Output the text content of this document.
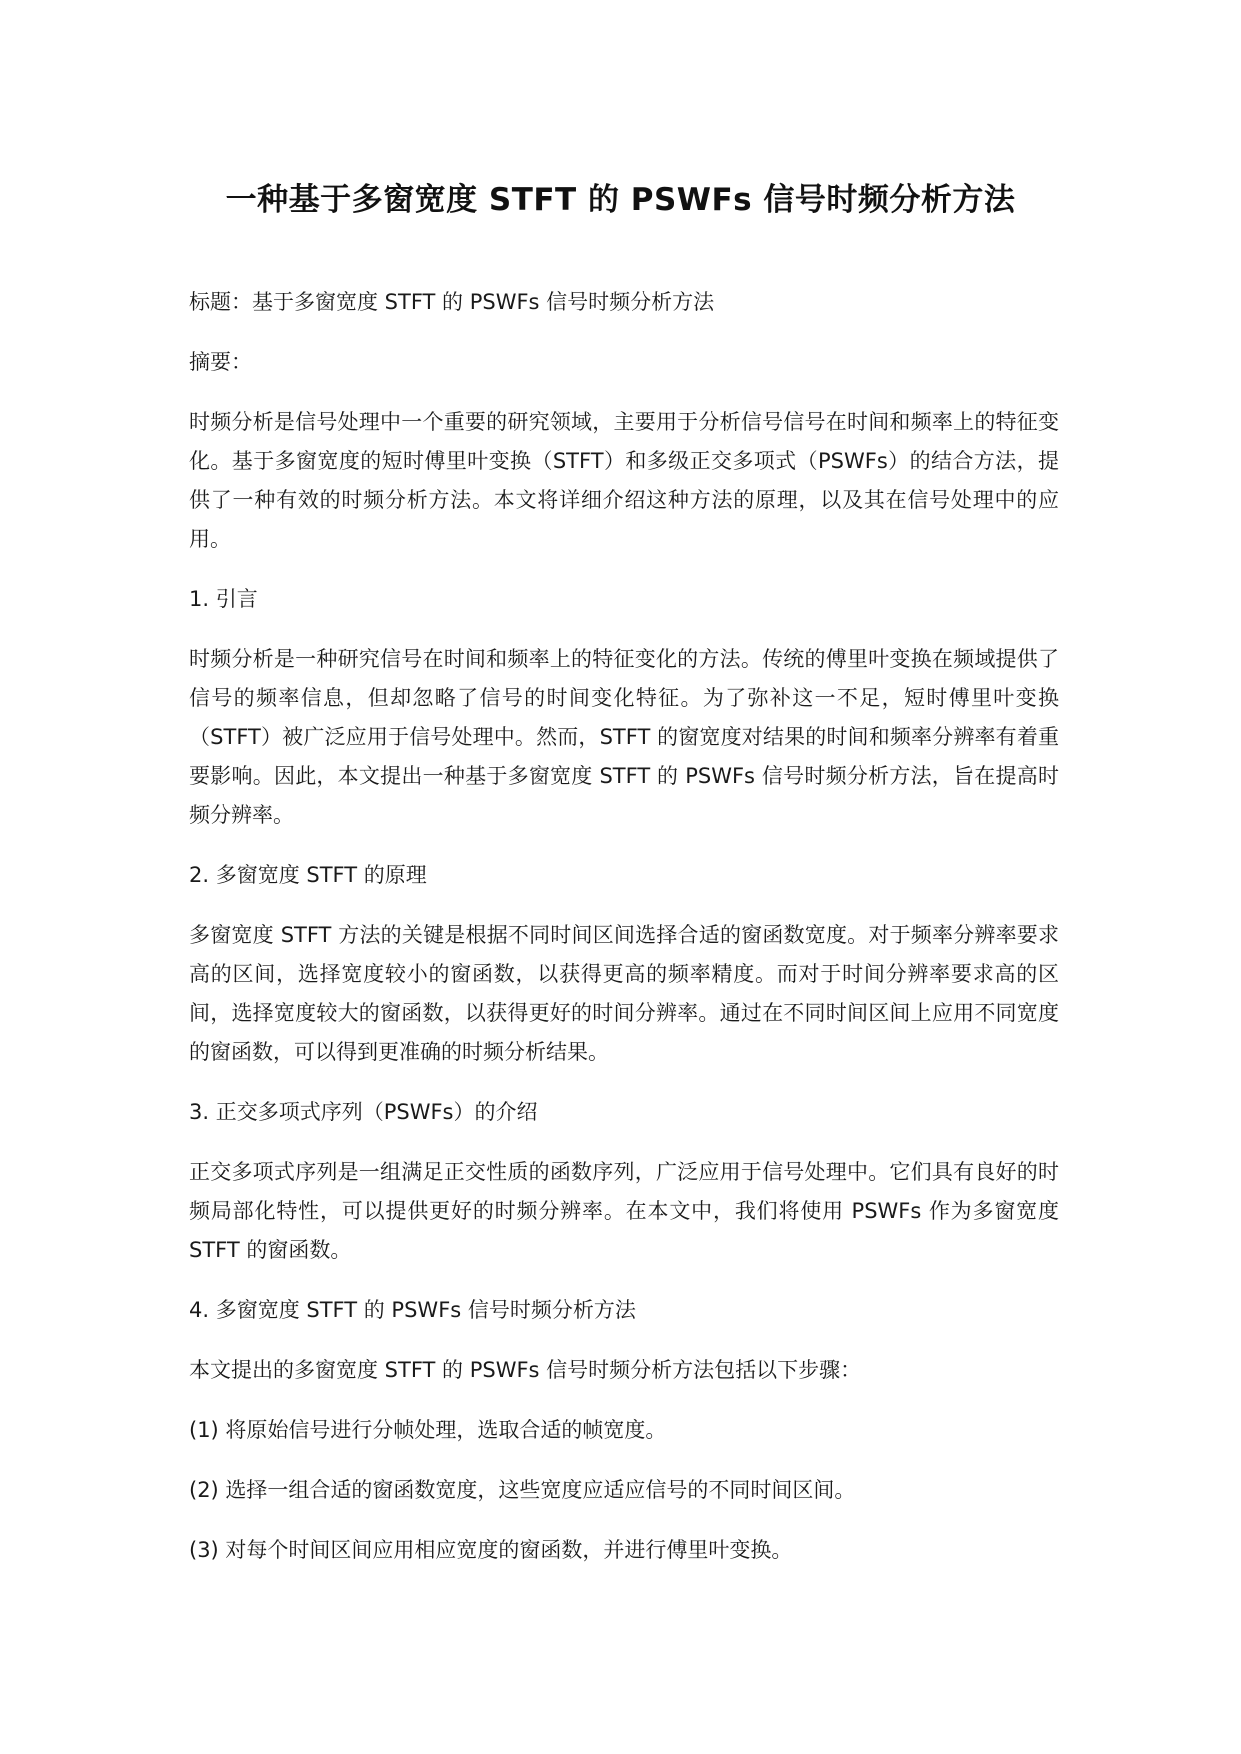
一种基于多窗宽度 STFT 的 PSWFs 信号时频分析方法

标题：基于多窗宽度 STFT 的 PSWFs 信号时频分析方法

摘要：

时频分析是信号处理中一个重要的研究领域，主要用于分析信号信号在时间和频率上的特征变化。基于多窗宽度的短时傅里叶变换（STFT）和多级正交多项式（PSWFs）的结合方法，提供了一种有效的时频分析方法。本文将详细介绍这种方法的原理，以及其在信号处理中的应用。

1. 引言

时频分析是一种研究信号在时间和频率上的特征变化的方法。传统的傅里叶变换在频域提供了信号的频率信息，但却忽略了信号的时间变化特征。为了弥补这一不足，短时傅里叶变换（STFT）被广泛应用于信号处理中。然而，STFT 的窗宽度对结果的时间和频率分辨率有着重要影响。因此，本文提出一种基于多窗宽度 STFT 的 PSWFs 信号时频分析方法，旨在提高时频分辨率。

2. 多窗宽度 STFT 的原理

多窗宽度 STFT 方法的关键是根据不同时间区间选择合适的窗函数宽度。对于频率分辨率要求高的区间，选择宽度较小的窗函数，以获得更高的频率精度。而对于时间分辨率要求高的区间，选择宽度较大的窗函数，以获得更好的时间分辨率。通过在不同时间区间上应用不同宽度的窗函数，可以得到更准确的时频分析结果。

3. 正交多项式序列（PSWFs）的介绍

正交多项式序列是一组满足正交性质的函数序列，广泛应用于信号处理中。它们具有良好的时频局部化特性，可以提供更好的时频分辨率。在本文中，我们将使用 PSWFs 作为多窗宽度 STFT 的窗函数。

4. 多窗宽度 STFT 的 PSWFs 信号时频分析方法

本文提出的多窗宽度 STFT 的 PSWFs 信号时频分析方法包括以下步骤：

(1) 将原始信号进行分帧处理，选取合适的帧宽度。

(2) 选择一组合适的窗函数宽度，这些宽度应适应信号的不同时间区间。

(3) 对每个时间区间应用相应宽度的窗函数，并进行傅里叶变换。
